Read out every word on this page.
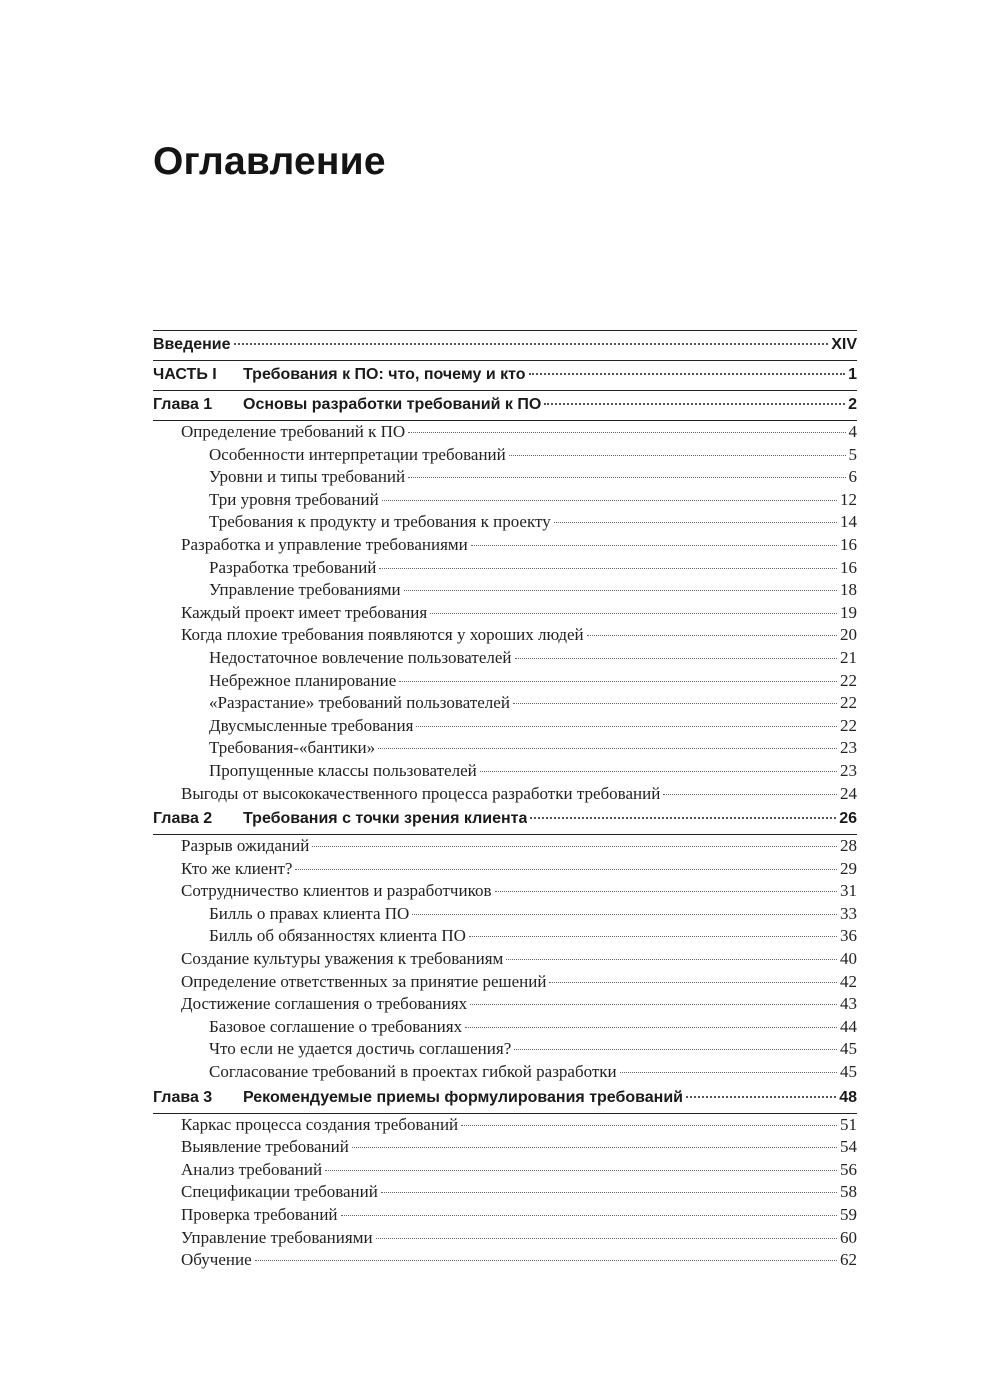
Оглавление
Введение	XIV
ЧАСТЬ I	Требования к ПО: что, почему и кто	1
Глава 1	Основы разработки требований к ПО	2
Определение требований к ПО	4
Особенности интерпретации требований	5
Уровни и типы требований	6
Три уровня требований	12
Требования к продукту и требования к проекту	14
Разработка и управление требованиями	16
Разработка требований	16
Управление требованиями	18
Каждый проект имеет требования	19
Когда плохие требования появляются у хороших людей	20
Недостаточное вовлечение пользователей	21
Небрежное планирование	22
«Разрастание» требований пользователей	22
Двусмысленные требования	22
Требования-«бантики»	23
Пропущенные классы пользователей	23
Выгоды от высококачественного процесса разработки требований	24
Глава 2	Требования с точки зрения клиента	26
Разрыв ожиданий	28
Кто же клиент?	29
Сотрудничество клиентов и разработчиков	31
Билль о правах клиента ПО	33
Билль об обязанностях клиента ПО	36
Создание культуры уважения к требованиям	40
Определение ответственных за принятие решений	42
Достижение соглашения о требованиях	43
Базовое соглашение о требованиях	44
Что если не удается достичь соглашения?	45
Согласование требований в проектах гибкой разработки	45
Глава 3	Рекомендуемые приемы формулирования требований	48
Каркас процесса создания требований	51
Выявление требований	54
Анализ требований	56
Спецификации требований	58
Проверка требований	59
Управление требованиями	60
Обучение	62
